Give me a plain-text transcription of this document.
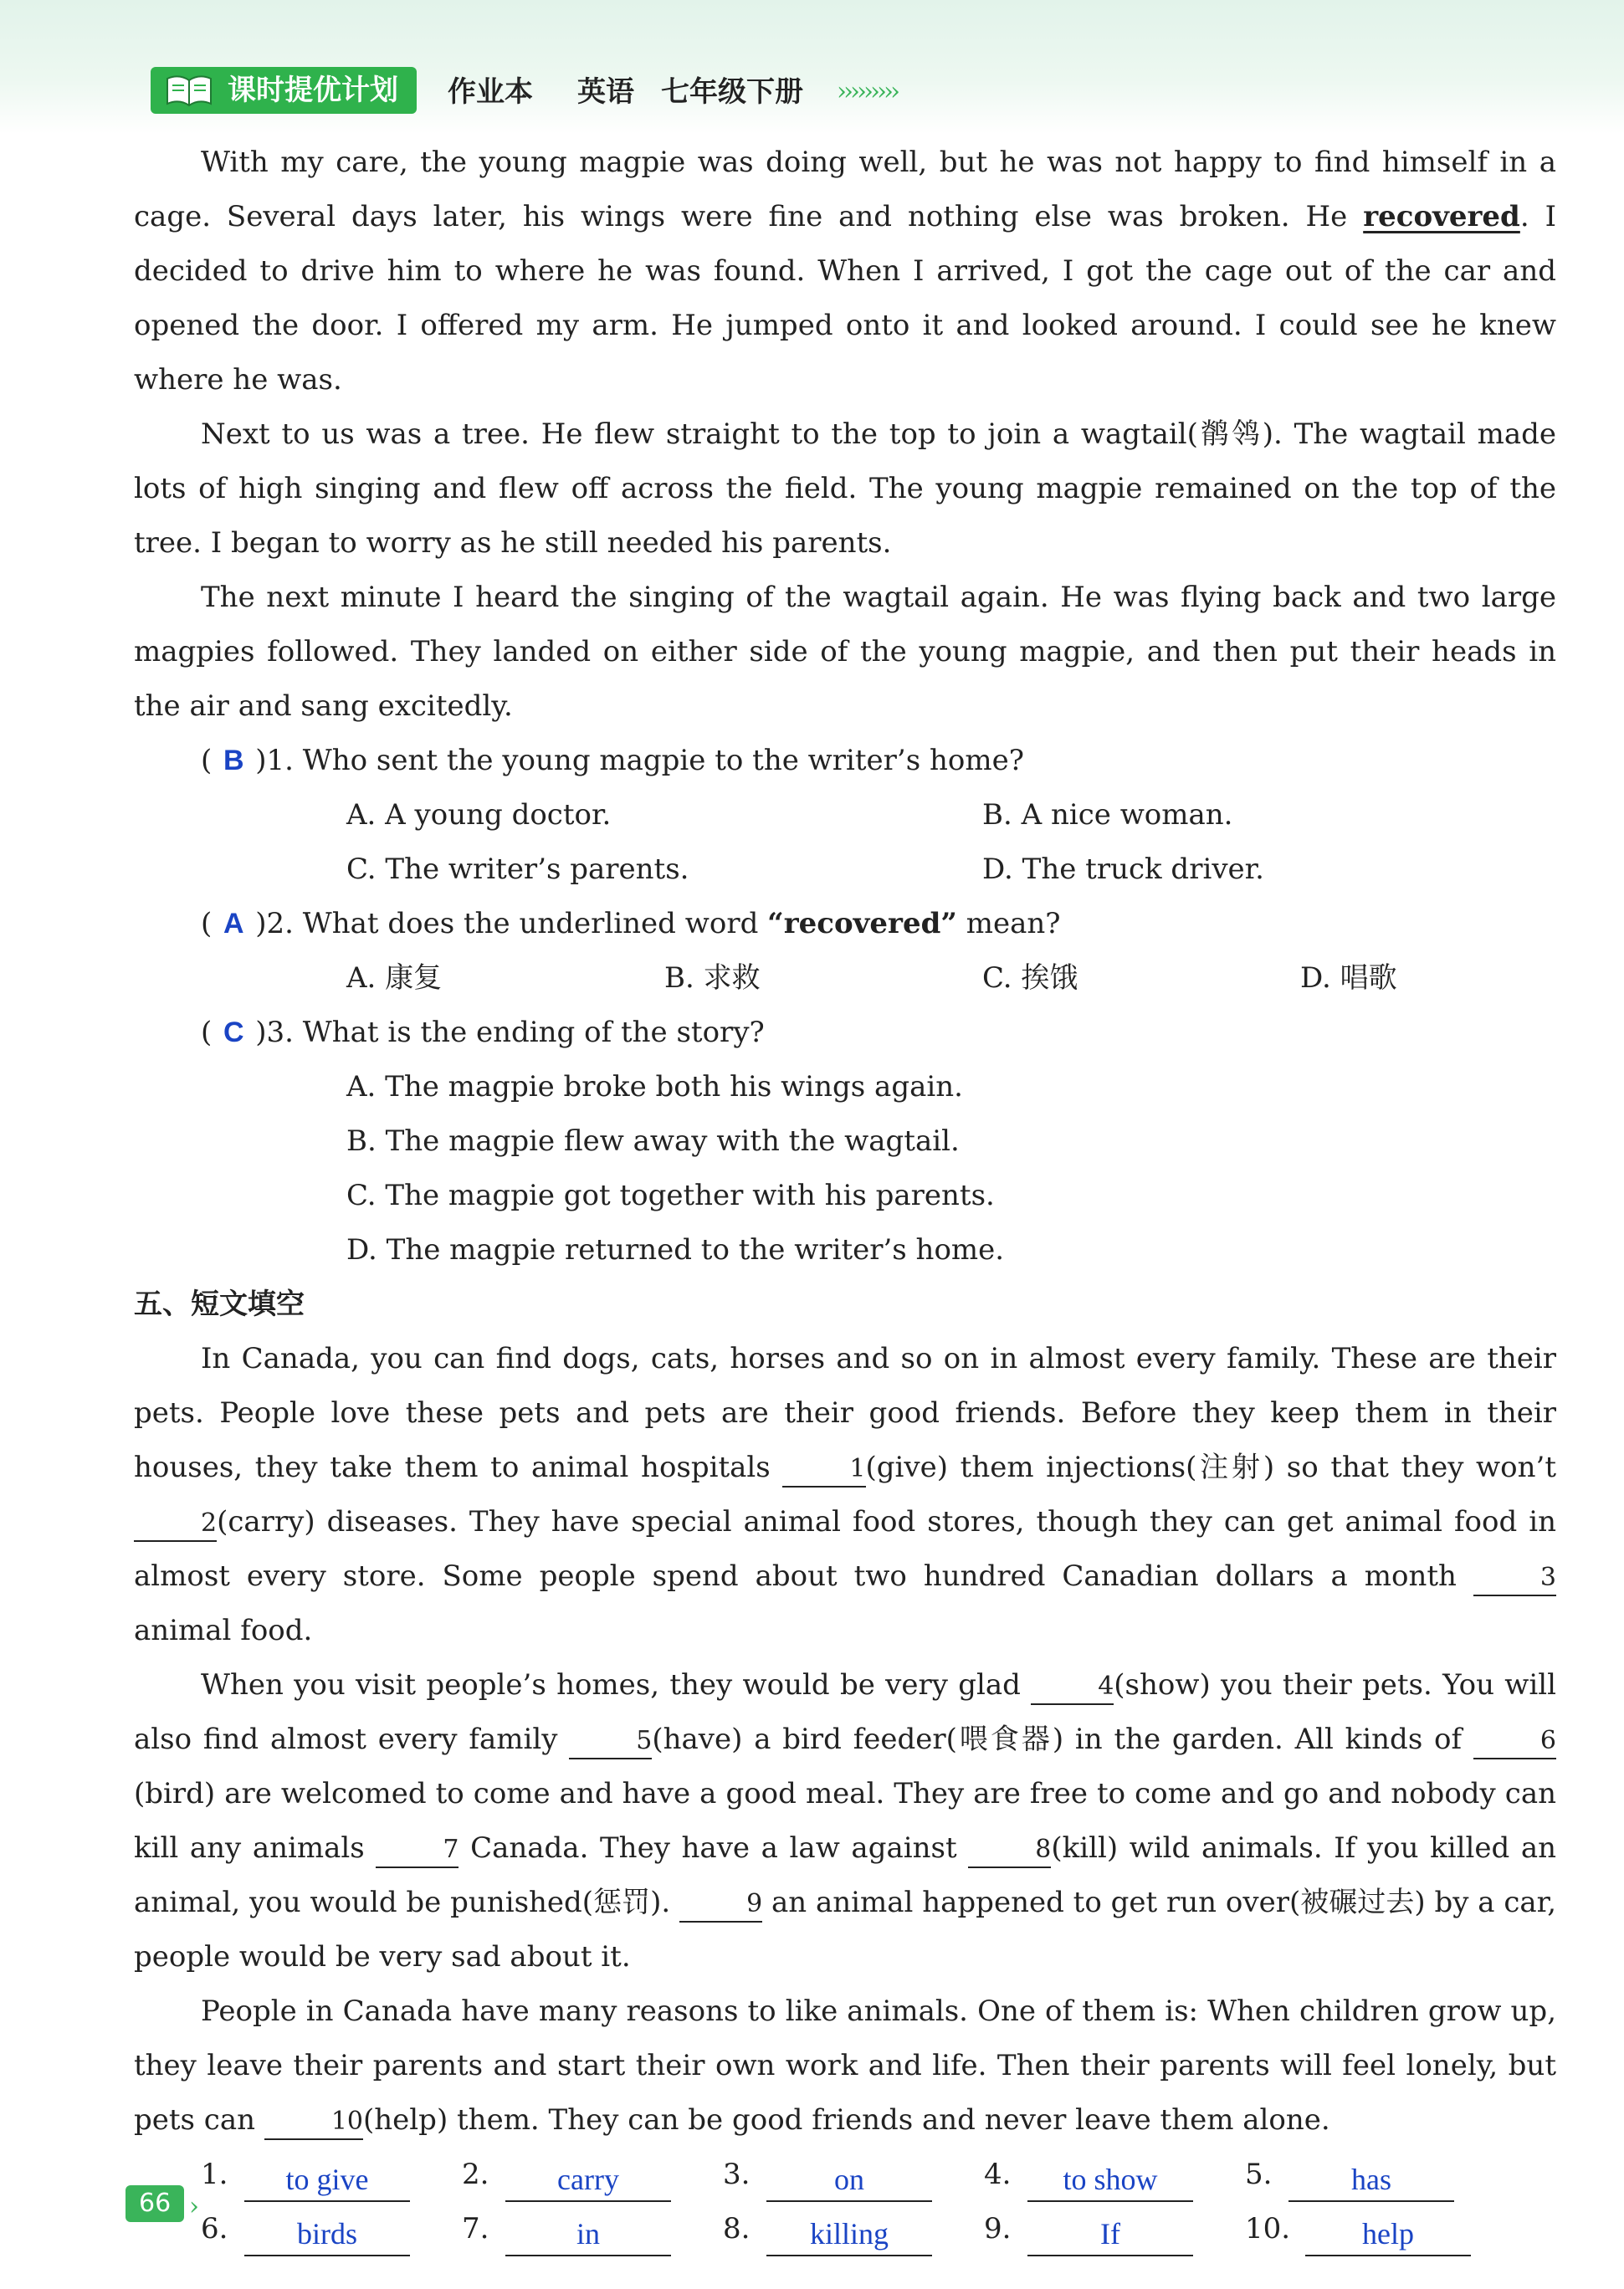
课时提优计划	作业本 英语 七年级下册 ›››››››››

With my care, the young magpie was doing well, but he was not happy to find himself in a cage. Several days later, his wings were fine and nothing else was broken. He recovered. I decided to drive him to where he was found. When I arrived, I got the cage out of the car and opened the door. I offered my arm. He jumped onto it and looked around. I could see he knew where he was.

Next to us was a tree. He flew straight to the top to join a wagtail(鹡鸰). The wagtail made lots of high singing and flew off across the field. The young magpie remained on the top of the tree. I began to worry as he still needed his parents.

The next minute I heard the singing of the wagtail again. He was flying back and two large magpies followed. They landed on either side of the young magpie, and then put their heads in the air and sang excitedly.

( B )1. Who sent the young magpie to the writer’s home?
A. A young doctor.	B. A nice woman.
C. The writer’s parents.	D. The truck driver.
( A )2. What does the underlined word “recovered” mean?
A. 康复	B. 求救	C. 挨饿	D. 唱歌
( C )3. What is the ending of the story?
A. The magpie broke both his wings again.
B. The magpie flew away with the wagtail.
C. The magpie got together with his parents.
D. The magpie returned to the writer’s home.

五、短文填空

In Canada, you can find dogs, cats, horses and so on in almost every family. These are their pets. People love these pets and pets are their good friends. Before they keep them in their houses, they take them to animal hospitals	1(give) them injections(注射) so that they won’t 2(carry) diseases. They have special animal food stores, though they can get animal food in almost every store. Some people spend about two hundred Canadian dollars a month	3 animal food.

When you visit people’s homes, they would be very glad	4(show) you their pets. You will also find almost every family	5(have) a bird feeder(喂食器) in the garden. All kinds of	6(bird) are welcomed to come and have a good meal. They are free to come and go and nobody can kill any animals	7 Canada. They have a law against	8(kill) wild animals. If you killed an animal, you would be punished(惩罚).	9 an animal happened to get run over(被碾过去) by a car, people would be very sad about it.

People in Canada have many reasons to like animals. One of them is: When children grow up, they leave their parents and start their own work and life. Then their parents will feel lonely, but pets can	10(help) them. They can be good friends and never leave them alone.

1.	to give	2.	carry	3.	on	4.	to show	5.	has
6.	birds	7.	in	8.	killing	9.	If	10.	help
66 ›
